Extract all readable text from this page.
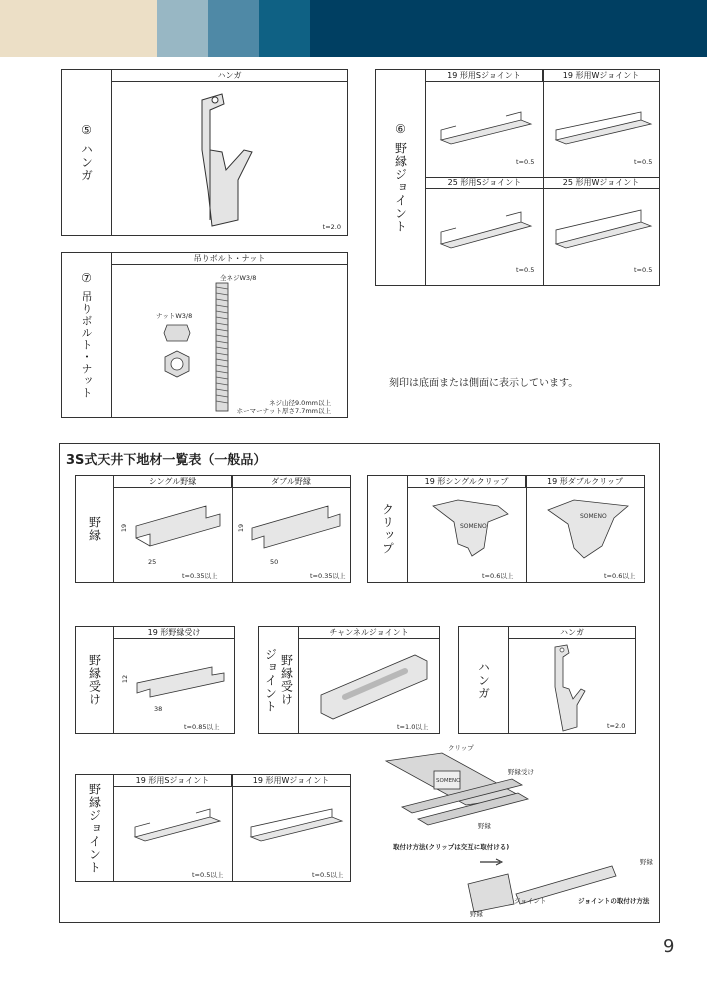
⑤
ハンガ
ハンガ
t=2.0
⑦
吊りボルト・ナット
吊りボルト・ナット
全ネジW3/8
ナットW3/8
ネジ山径9.0mm以上
ホーマーナット厚さ7.7mm以上
⑥
野縁ジョイント
19 形用Sジョイント	19 形用Wジョイント
25 形用Sジョイント	25 形用Wジョイント
t=0.5	t=0.5
t=0.5	t=0.5
刻印は底面または側面に表示しています。
3S式天井下地材一覧表（一般品）
野縁
シングル野縁	ダブル野縁
19
25
19
50
t=0.35以上	t=0.35以上
クリップ
19 形シングルクリップ	19 形ダブルクリップ
SOMENO
SOMENO
t=0.6以上	t=0.6以上
野縁受け
19 形野縁受け
12
38
t=0.85以上
野縁受け
ジョイント
チャンネルジョイント
t=1.0以上
ハンガ
ハンガ
t=2.0
野縁ジョイント
19 形用Sジョイント	19 形用Wジョイント
t=0.5以上	t=0.5以上
SOMENO
クリップ
野縁受け
野縁
取付け方法(クリップは交互に取付ける)
野縁
ジョイント
野縁
ジョイントの取付け方法
9
